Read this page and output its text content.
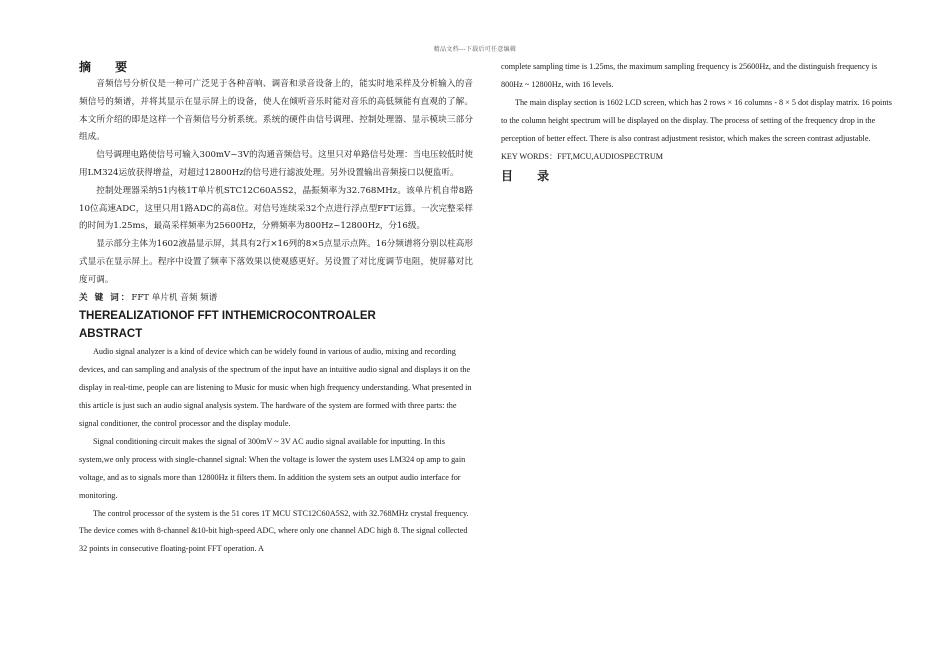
精品文档---下载后可任意编辑
摘 要

音频信号分析仪是一种可广泛见于各种音响、调音和录音设备上的，能实时地采样及分析输入的音频信号的频谱，并将其显示在显示屏上的设备，使人在倾听音乐时能对音乐的高低频能有直观的了解。本文所介绍的即是这样一个音频信号分析系统。系统的硬件由信号调理、控制处理器、显示模块三部分组成。

信号调理电路使信号可输入300mV~3V的沟通音频信号。这里只对单路信号处理：当电压较低时使用LM324运放获得增益，对超过12800Hz的信号进行滤波处理。另外设置输出音频接口以便监听。

控制处理器采纳51内核1T单片机STC12C60A5S2，晶振频率为32.768MHz。该单片机自带8路10位高速ADC，这里只用1路ADC的高8位。对信号连续采32个点进行浮点型FFT运算。一次完整采样的时间为1.25ms，最高采样频率为25600Hz，分辨频率为800Hz~12800Hz，分16级。

显示部分主体为1602液晶显示屏，其具有2行×16列的8×5点显示点阵。16分频谱将分别以柱高形式显示在显示屏上。程序中设置了频率下落效果以使观感更好。另设置了对比度调节电阻，使屏幕对比度可调。

关 键 词：FFT 单片机 音频 频谱

THEREALIZATIONOF FFT INTHEMICROCONTROALER
ABSTRACT

Audio signal analyzer is a kind of device which can be widely found in various of audio, mixing and recording devices, and can sampling and analysis of the spectrum of the input have an intuitive audio signal and displays it on the display in real-time, people can are listening to Music for music when high frequency understanding. What presented in this article is just such an audio signal analysis system. The hardware of the system are formed with three parts: the signal conditioner, the control processor and the display module.

Signal conditioning circuit makes the signal of 300mV ~ 3V AC audio signal available for inputting. In this system,we only process with single-channel signal: When the voltage is lower the system uses LM324 op amp to gain voltage, and as to signals more than 12800Hz it filters them. In addition the system sets an output audio interface for monitoring.

The control processor of the system is the 51 cores 1T MCU STC12C60A5S2, with 32.768MHz crystal frequency. The device comes with 8-channel &10-bit high-speed ADC, where only one channel ADC high 8. The signal collected 32 points in consecutive floating-point FFT operation. A

complete sampling time is 1.25ms, the maximum sampling frequency is 25600Hz, and the distinguish frequency is 800Hz ~ 12800Hz, with 16 levels.

The main display section is 1602 LCD screen, which has 2 rows × 16 columns - 8 × 5 dot display matrix. 16 points to the column height spectrum will be displayed on the display. The process of setting of the frequency drop in the perception of better effect. There is also contrast adjustment resistor, which makes the screen contrast adjustable.

KEY WORDS：FFT,MCU,AUDIOSPECTRUM

目 录
